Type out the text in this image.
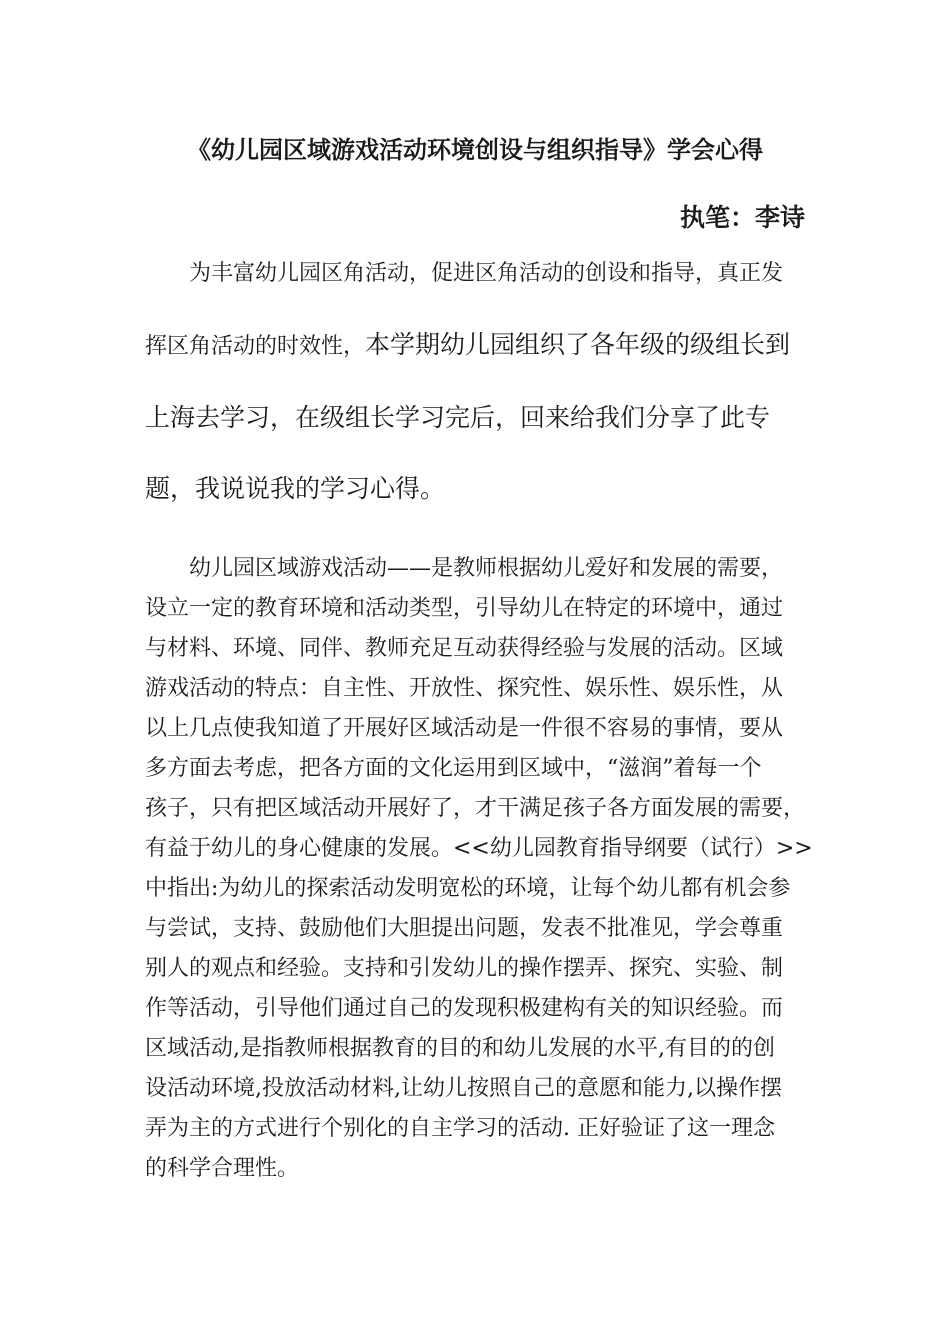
《幼儿园区域游戏活动环境创设与组织指导》学会心得

执笔：李诗

为丰富幼儿园区角活动，促进区角活动的创设和指导，真正发
挥区角活动的时效性，本学期幼儿园组织了各年级的级组长到
上海去学习，在级组长学习完后，回来给我们分享了此专
题，我说说我的学习心得。
幼儿园区域游戏活动——是教师根据幼儿爱好和发展的需要，
设立一定的教育环境和活动类型，引导幼儿在特定的环境中，通过
与材料、环境、同伴、教师充足互动获得经验与发展的活动。区域
游戏活动的特点：自主性、开放性、探究性、娱乐性、娱乐性，从
以上几点使我知道了开展好区域活动是一件很不容易的事情，要从
多方面去考虑，把各方面的文化运用到区域中，“滋润”着每一个
孩子，只有把区域活动开展好了，才干满足孩子各方面发展的需要，
有益于幼儿的身心健康的发展。<<幼儿园教育指导纲要（试行）>>
中指出:为幼儿的探索活动发明宽松的环境，让每个幼儿都有机会参
与尝试，支持、鼓励他们大胆提出问题，发表不批准见，学会尊重
别人的观点和经验。支持和引发幼儿的操作摆弄、探究、实验、制
作等活动，引导他们通过自己的发现积极建构有关的知识经验。而
区域活动,是指教师根据教育的目的和幼儿发展的水平,有目的的创
设活动环境,投放活动材料,让幼儿按照自己的意愿和能力,以操作摆
弄为主的方式进行个别化的自主学习的活动. 正好验证了这一理念
的科学合理性。
